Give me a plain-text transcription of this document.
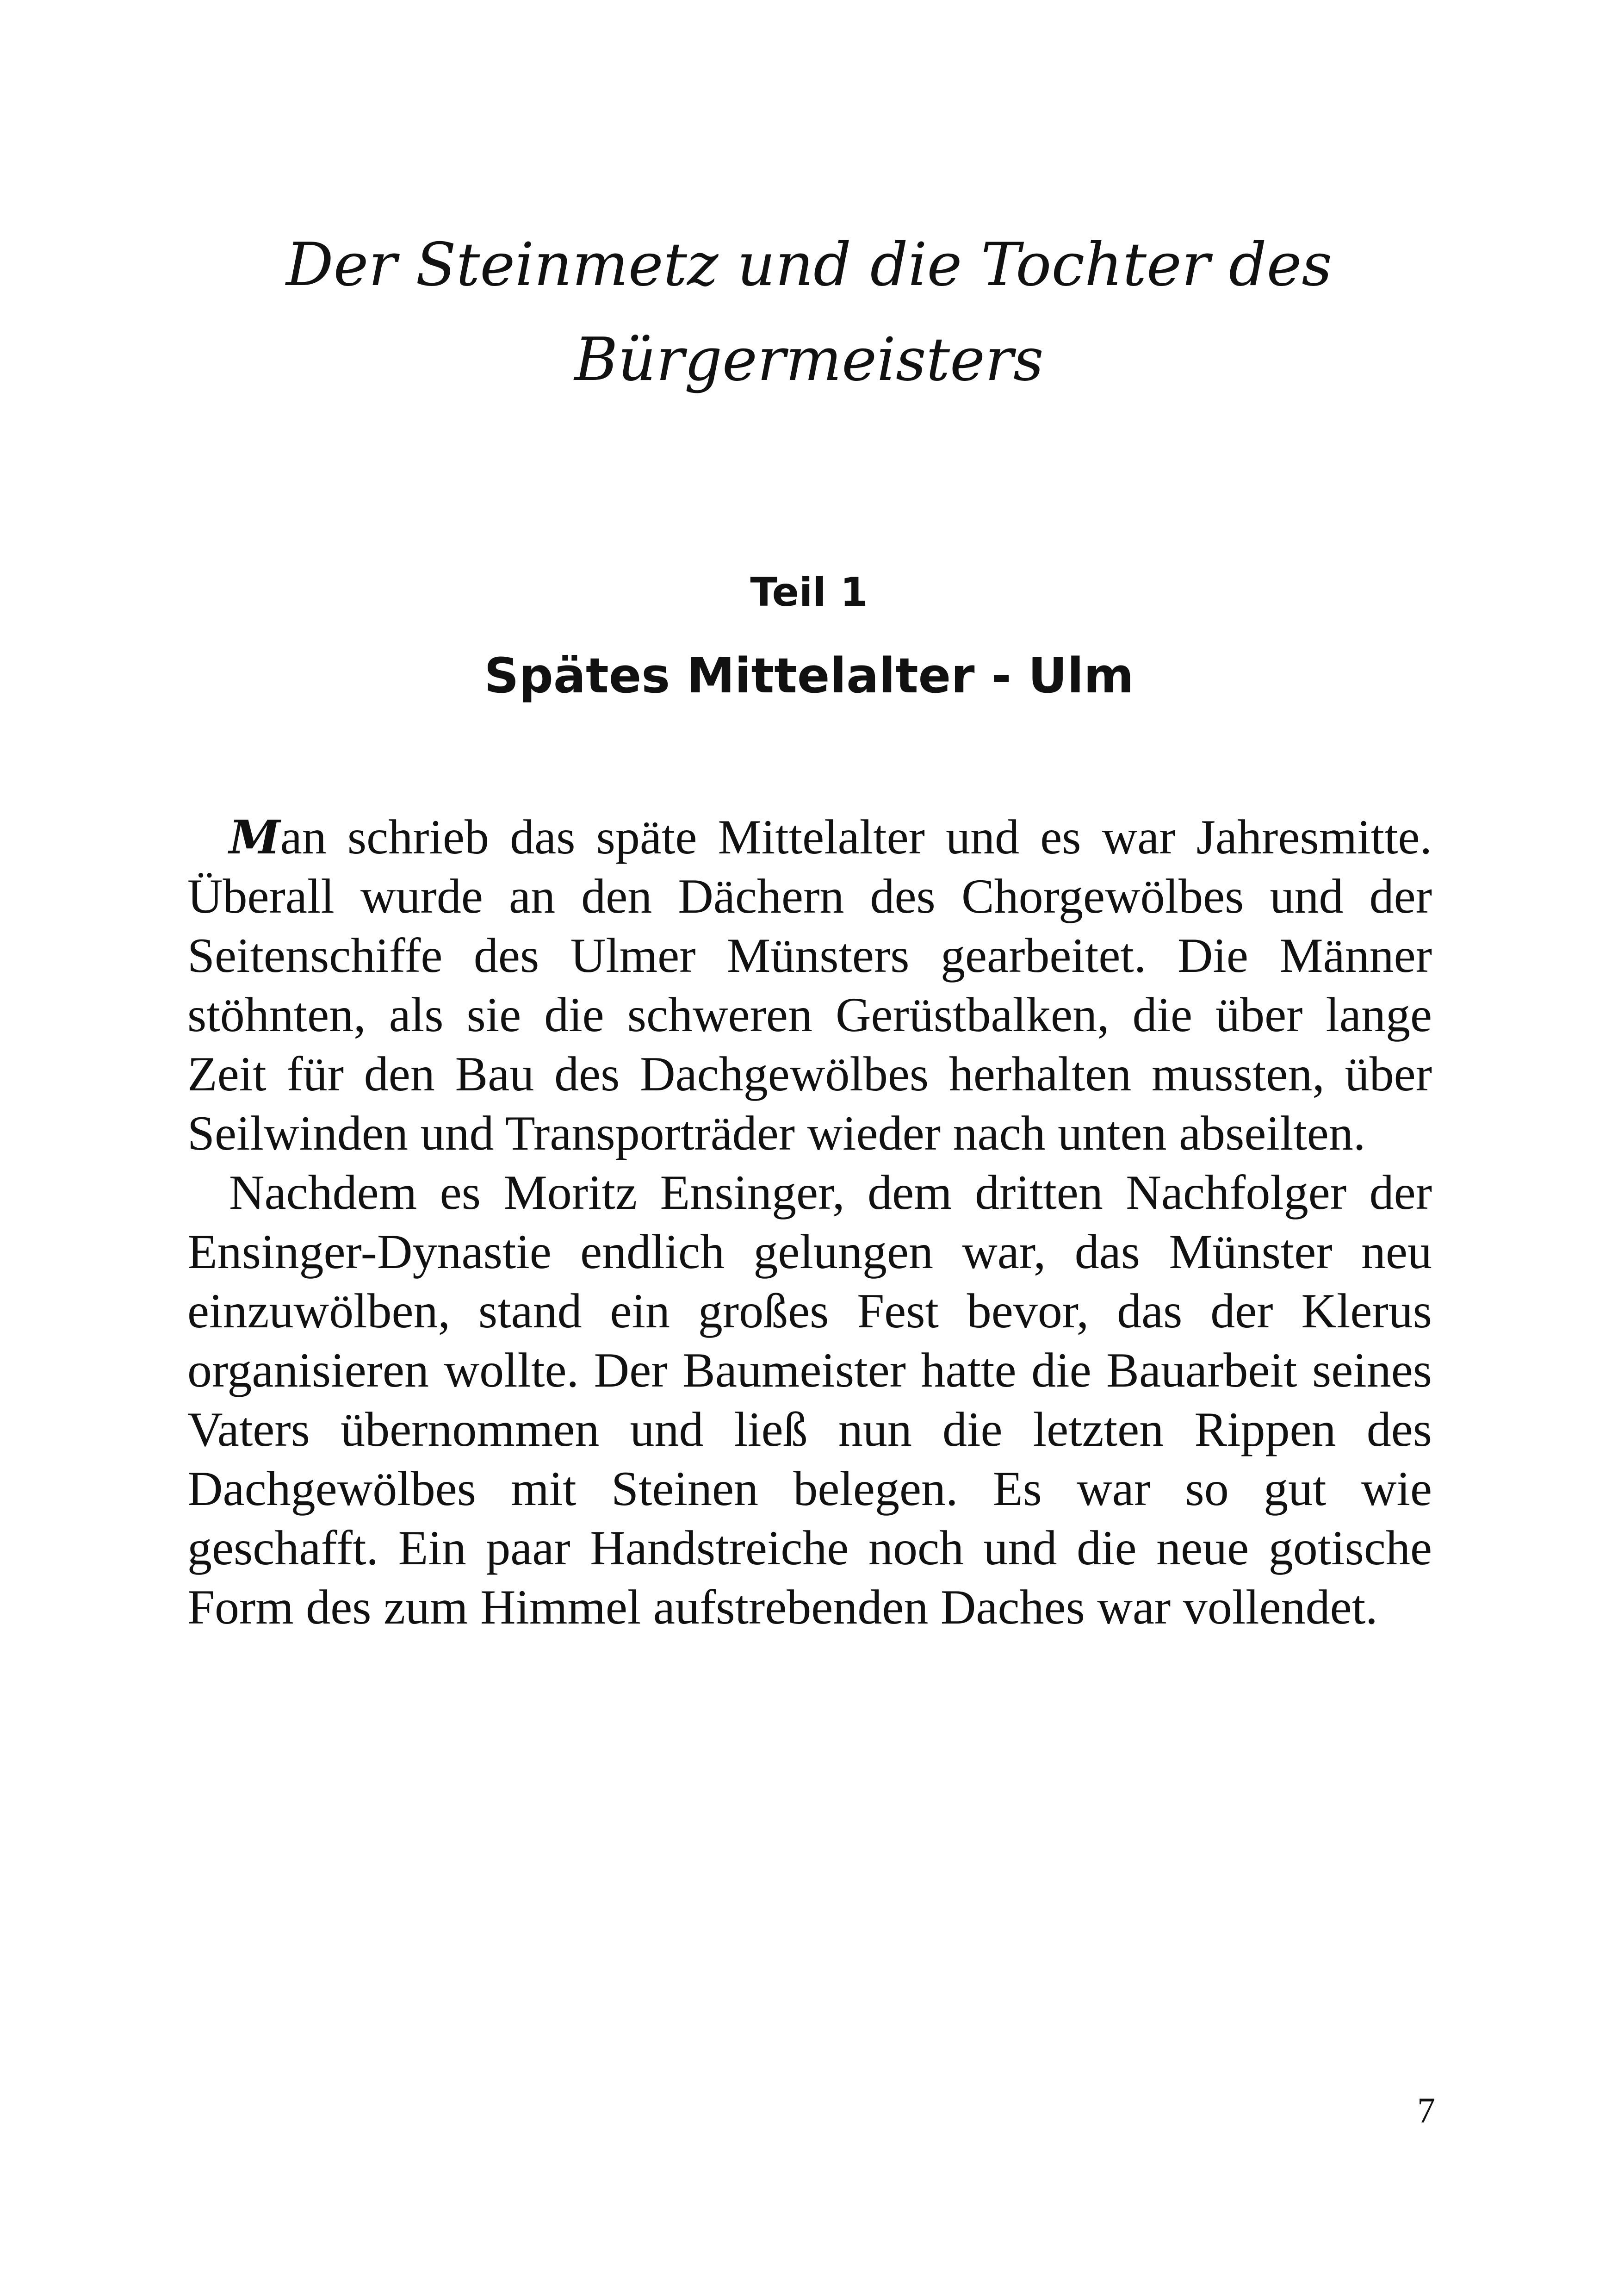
Der Steinmetz und die Tochter des Bürgermeisters
Teil 1
Spätes Mittelalter - Ulm

Man schrieb das späte Mittelalter und es war Jahresmitte. Überall wurde an den Dächern des Chorgewölbes und der Seitenschiffe des Ulmer Münsters gearbeitet. Die Männer stöhnten, als sie die schweren Gerüstbalken, die über lange Zeit für den Bau des Dachgewölbes herhalten mussten, über Seilwinden und Transporträder wieder nach unten abseilten.

Nachdem es Moritz Ensinger, dem dritten Nachfolger der Ensinger-Dynastie endlich gelungen war, das Münster neu einzuwölben, stand ein großes Fest bevor, das der Klerus organisieren wollte. Der Baumeister hatte die Bauarbeit seines Vaters übernommen und ließ nun die letzten Rippen des Dachgewölbes mit Steinen belegen. Es war so gut wie geschafft. Ein paar Handstreiche noch und die neue gotische Form des zum Himmel aufstrebenden Daches war vollendet.

7
